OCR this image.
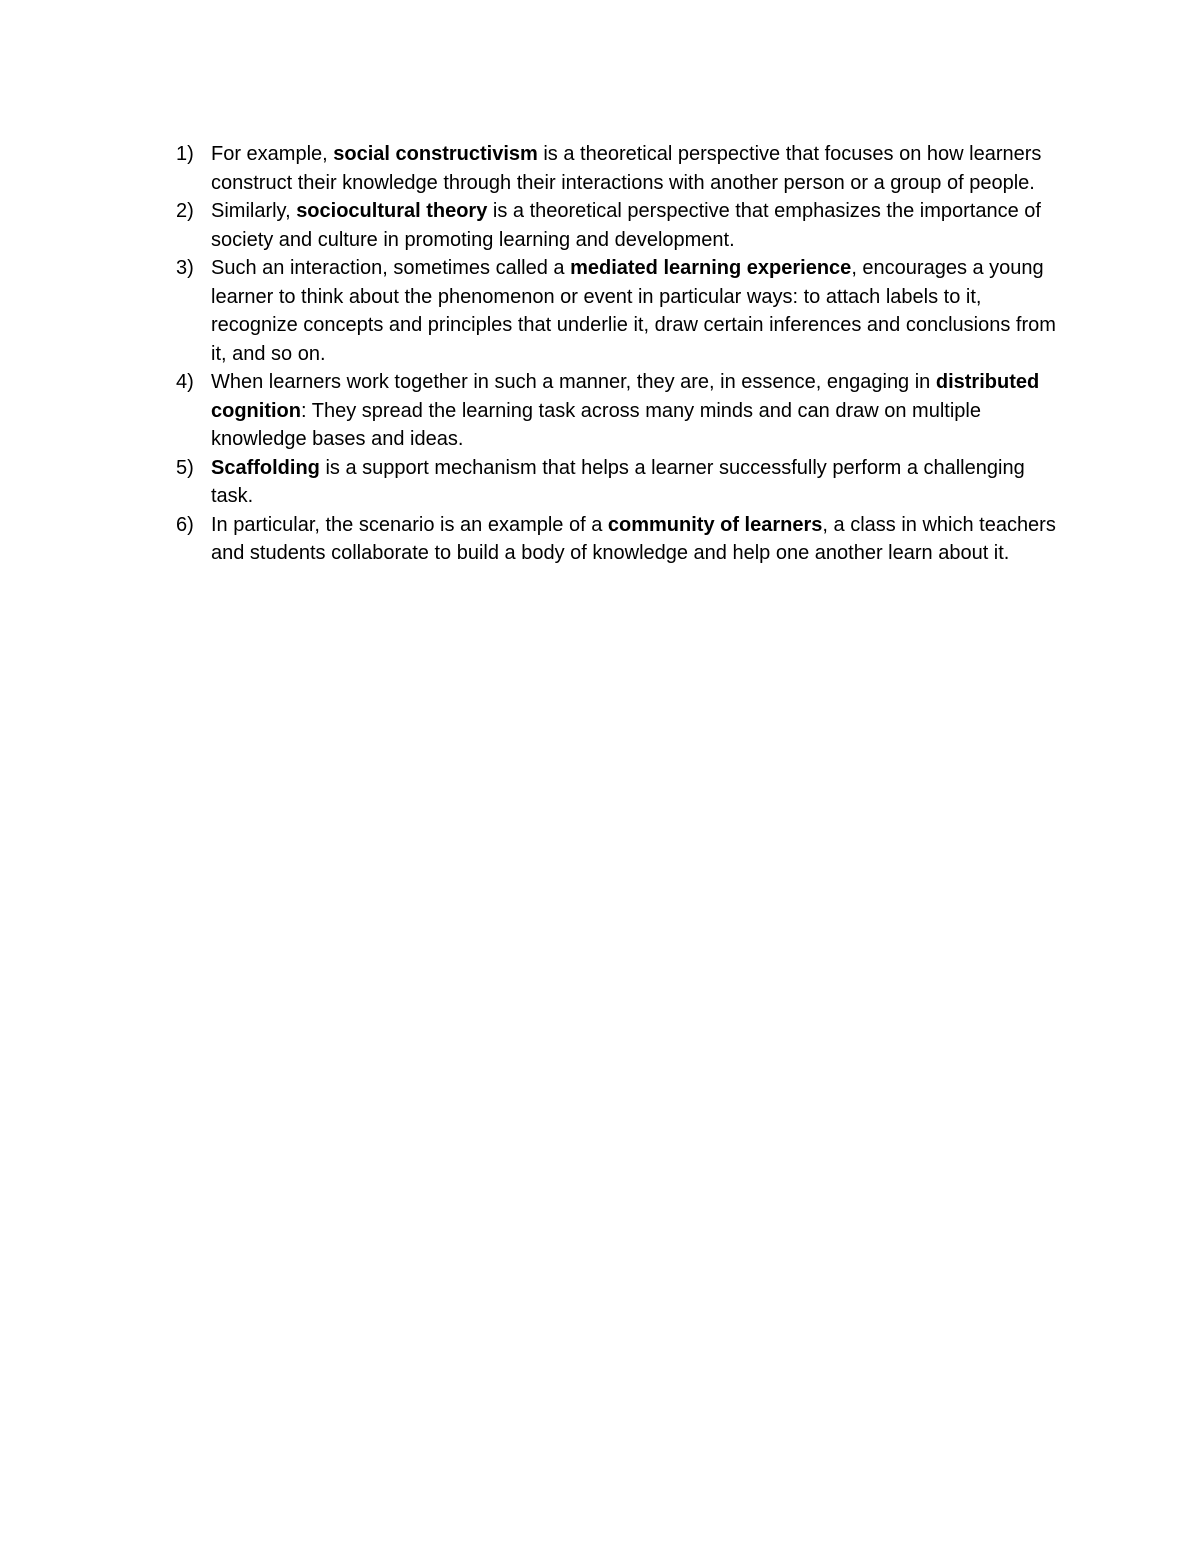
1) For example, social constructivism is a theoretical perspective that focuses on how learners construct their knowledge through their interactions with another person or a group of people.
2) Similarly, sociocultural theory is a theoretical perspective that emphasizes the importance of society and culture in promoting learning and development.
3) Such an interaction, sometimes called a mediated learning experience, encourages a young learner to think about the phenomenon or event in particular ways: to attach labels to it, recognize concepts and principles that underlie it, draw certain inferences and conclusions from it, and so on.
4) When learners work together in such a manner, they are, in essence, engaging in distributed cognition: They spread the learning task across many minds and can draw on multiple knowledge bases and ideas.
5) Scaffolding is a support mechanism that helps a learner successfully perform a challenging task.
6) In particular, the scenario is an example of a community of learners, a class in which teachers and students collaborate to build a body of knowledge and help one another learn about it.
